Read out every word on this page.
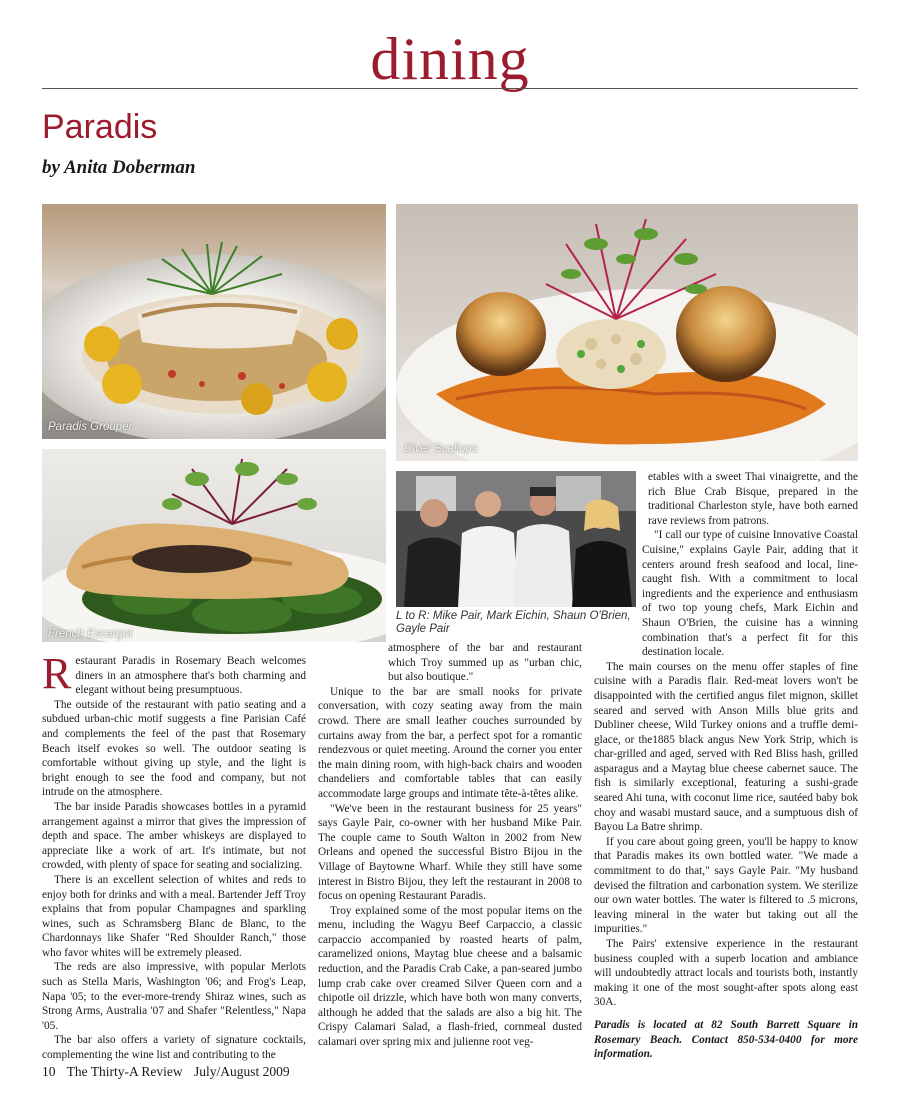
dining
Paradis
by Anita Doberman
Paradis Grouper
Diver Scallops
French Escargot
L to R: Mike Pair, Mark Eichin, Shaun O'Brien, Gayle Pair

Restaurant Paradis in Rosemary Beach welcomes diners in an atmosphere that's both charming and elegant without being presumptuous.

The outside of the restaurant with patio seating and a subdued urban-chic motif suggests a fine Parisian Café and complements the feel of the past that Rosemary Beach itself evokes so well. The outdoor seating is comfortable without giving up style, and the light is bright enough to see the food and company, but not intrude on the atmosphere.

The bar inside Paradis showcases bottles in a pyramid arrangement against a mirror that gives the impression of depth and space. The amber whiskeys are displayed to appreciate like a work of art. It's intimate, but not crowded, with plenty of space for seating and socializing.

There is an excellent selection of whites and reds to enjoy both for drinks and with a meal. Bartender Jeff Troy explains that from popular Champagnes and sparkling wines, such as Schramsberg Blanc de Blanc, to the Chardonnays like Shafer "Red Shoulder Ranch," those who favor whites will be extremely pleased.

The reds are also impressive, with popular Merlots such as Stella Maris, Washington '06; and Frog's Leap, Napa '05; to the ever-more-trendy Shiraz wines, such as Strong Arms, Australia '07 and Shafer "Relentless," Napa '05.

The bar also offers a variety of signature cocktails, complementing the wine list and contributing to the

atmosphere of the bar and restaurant which Troy summed up as "urban chic, but also boutique."

Unique to the bar are small nooks for private conversation, with cozy seating away from the main crowd. There are small leather couches surrounded by curtains away from the bar, a perfect spot for a romantic rendezvous or quiet meeting. Around the corner you enter the main dining room, with high-back chairs and wooden chandeliers and comfortable tables that can easily accommodate large groups and intimate tête-à-têtes alike.

"We've been in the restaurant business for 25 years" says Gayle Pair, co-owner with her husband Mike Pair. The couple came to South Walton in 2002 from New Orleans and opened the successful Bistro Bijou in the Village of Baytowne Wharf. While they still have some interest in Bistro Bijou, they left the restaurant in 2008 to focus on opening Restaurant Paradis.

Troy explained some of the most popular items on the menu, including the Wagyu Beef Carpaccio, a classic carpaccio accompanied by roasted hearts of palm, caramelized onions, Maytag blue cheese and a balsamic reduction, and the Paradis Crab Cake, a pan-seared jumbo lump crab cake over creamed Silver Queen corn and a chipotle oil drizzle, which have both won many converts, although he added that the salads are also a big hit. The Crispy Calamari Salad, a flash-fried, cornmeal dusted calamari over spring mix and julienne root veg-

etables with a sweet Thai vinaigrette, and the rich Blue Crab Bisque, prepared in the traditional Charleston style, have both earned rave reviews from patrons.

"I call our type of cuisine Innovative Coastal Cuisine," explains Gayle Pair, adding that it centers around fresh seafood and local, line-caught fish. With a commitment to local ingredients and the experience and enthusiasm of two top young chefs, Mark Eichin and Shaun O'Brien, the cuisine has a winning combination that's a perfect fit for this destination locale.

The main courses on the menu offer staples of fine cuisine with a Paradis flair. Red-meat lovers won't be disappointed with the certified angus filet mignon, skillet seared and served with Anson Mills blue grits and Dubliner cheese, Wild Turkey onions and a truffle demi-glace, or the1885 black angus New York Strip, which is char-grilled and aged, served with Red Bliss hash, grilled asparagus and a Maytag blue cheese cabernet sauce. The fish is similarly exceptional, featuring a sushi-grade seared Ahi tuna, with coconut lime rice, sautéed baby bok choy and wasabi mustard sauce, and a sumptuous dish of Bayou La Batre shrimp.

If you care about going green, you'll be happy to know that Paradis makes its own bottled water. "We made a commitment to do that," says Gayle Pair. "My husband devised the filtration and carbonation system. We sterilize our own water bottles. The water is filtered to .5 microns, leaving mineral in the water but taking out all the impurities."

The Pairs' extensive experience in the restaurant business coupled with a superb location and ambiance will undoubtedly attract locals and tourists both, instantly making it one of the most sought-after spots along east 30A.

Paradis is located at 82 South Barrett Square in Rosemary Beach. Contact 850-534-0400 for more information.

10 The Thirty-A Review July/August 2009
